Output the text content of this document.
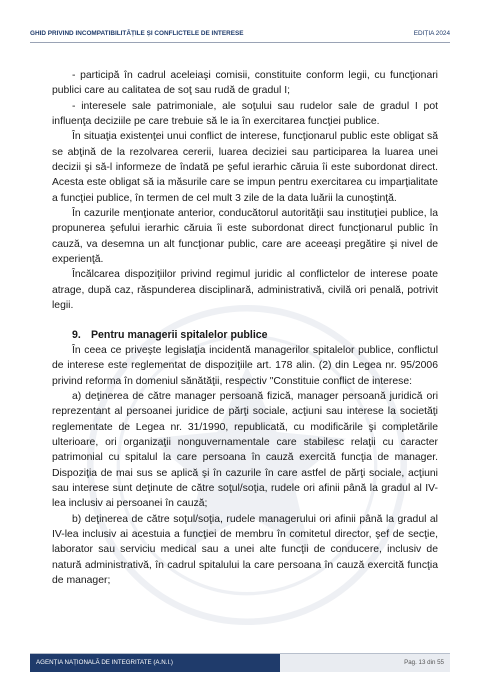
GHID PRIVIND INCOMPATIBILITĂȚILE ȘI CONFLICTELE DE INTERESE	EDIȚIA 2024

- participă în cadrul aceleiaşi comisii, constituite conform legii, cu funcţionari publici care au calitatea de soţ sau rudă de gradul I;

- interesele sale patrimoniale, ale soţului sau rudelor sale de gradul I pot influenţa deciziile pe care trebuie să le ia în exercitarea funcţiei publice.

În situaţia existenţei unui conflict de interese, funcţionarul public este obligat să se abţină de la rezolvarea cererii, luarea deciziei sau participarea la luarea unei decizii şi să-l informeze de îndată pe şeful ierarhic căruia îi este subordonat direct. Acesta este obligat să ia măsurile care se impun pentru exercitarea cu imparţialitate a funcţiei publice, în termen de cel mult 3 zile de la data luării la cunoştinţă.

În cazurile menţionate anterior, conducătorul autorităţii sau instituţiei publice, la propunerea şefului ierarhic căruia îi este subordonat direct funcţionarul public în cauză, va desemna un alt funcţionar public, care are aceeaşi pregătire şi nivel de experienţă.

Încălcarea dispoziţiilor privind regimul juridic al conflictelor de interese poate atrage, după caz, răspunderea disciplinară, administrativă, civilă ori penală, potrivit legii.

9. Pentru managerii spitalelor publice

În ceea ce priveşte legislaţia incidentă managerilor spitalelor publice, conflictul de interese este reglementat de dispoziţiile art. 178 alin. (2) din Legea nr. 95/2006 privind reforma în domeniul sănătăţii, respectiv "Constituie conflict de interese:

a) deţinerea de către manager persoană fizică, manager persoană juridică ori reprezentant al persoanei juridice de părţi sociale, acţiuni sau interese la societăţi reglementate de Legea nr. 31/1990, republicată, cu modificările şi completările ulterioare, ori organizaţii nonguvernamentale care stabilesc relaţii cu caracter patrimonial cu spitalul la care persoana în cauză exercită funcţia de manager. Dispoziţia de mai sus se aplică şi în cazurile în care astfel de părţi sociale, acţiuni sau interese sunt deţinute de către soţul/soţia, rudele ori afinii până la gradul al IV-lea inclusiv ai persoanei în cauză;

b) deţinerea de către soţul/soţia, rudele managerului ori afinii până la gradul al IV-lea inclusiv ai acestuia a funcţiei de membru în comitetul director, şef de secţie, laborator sau serviciu medical sau a unei alte funcţii de conducere, inclusiv de natură administrativă, în cadrul spitalului la care persoana în cauză exercită funcţia de manager;

AGENȚIA NAȚIONALĂ DE INTEGRITATE (A.N.I.)	Pag. 13 din 55
